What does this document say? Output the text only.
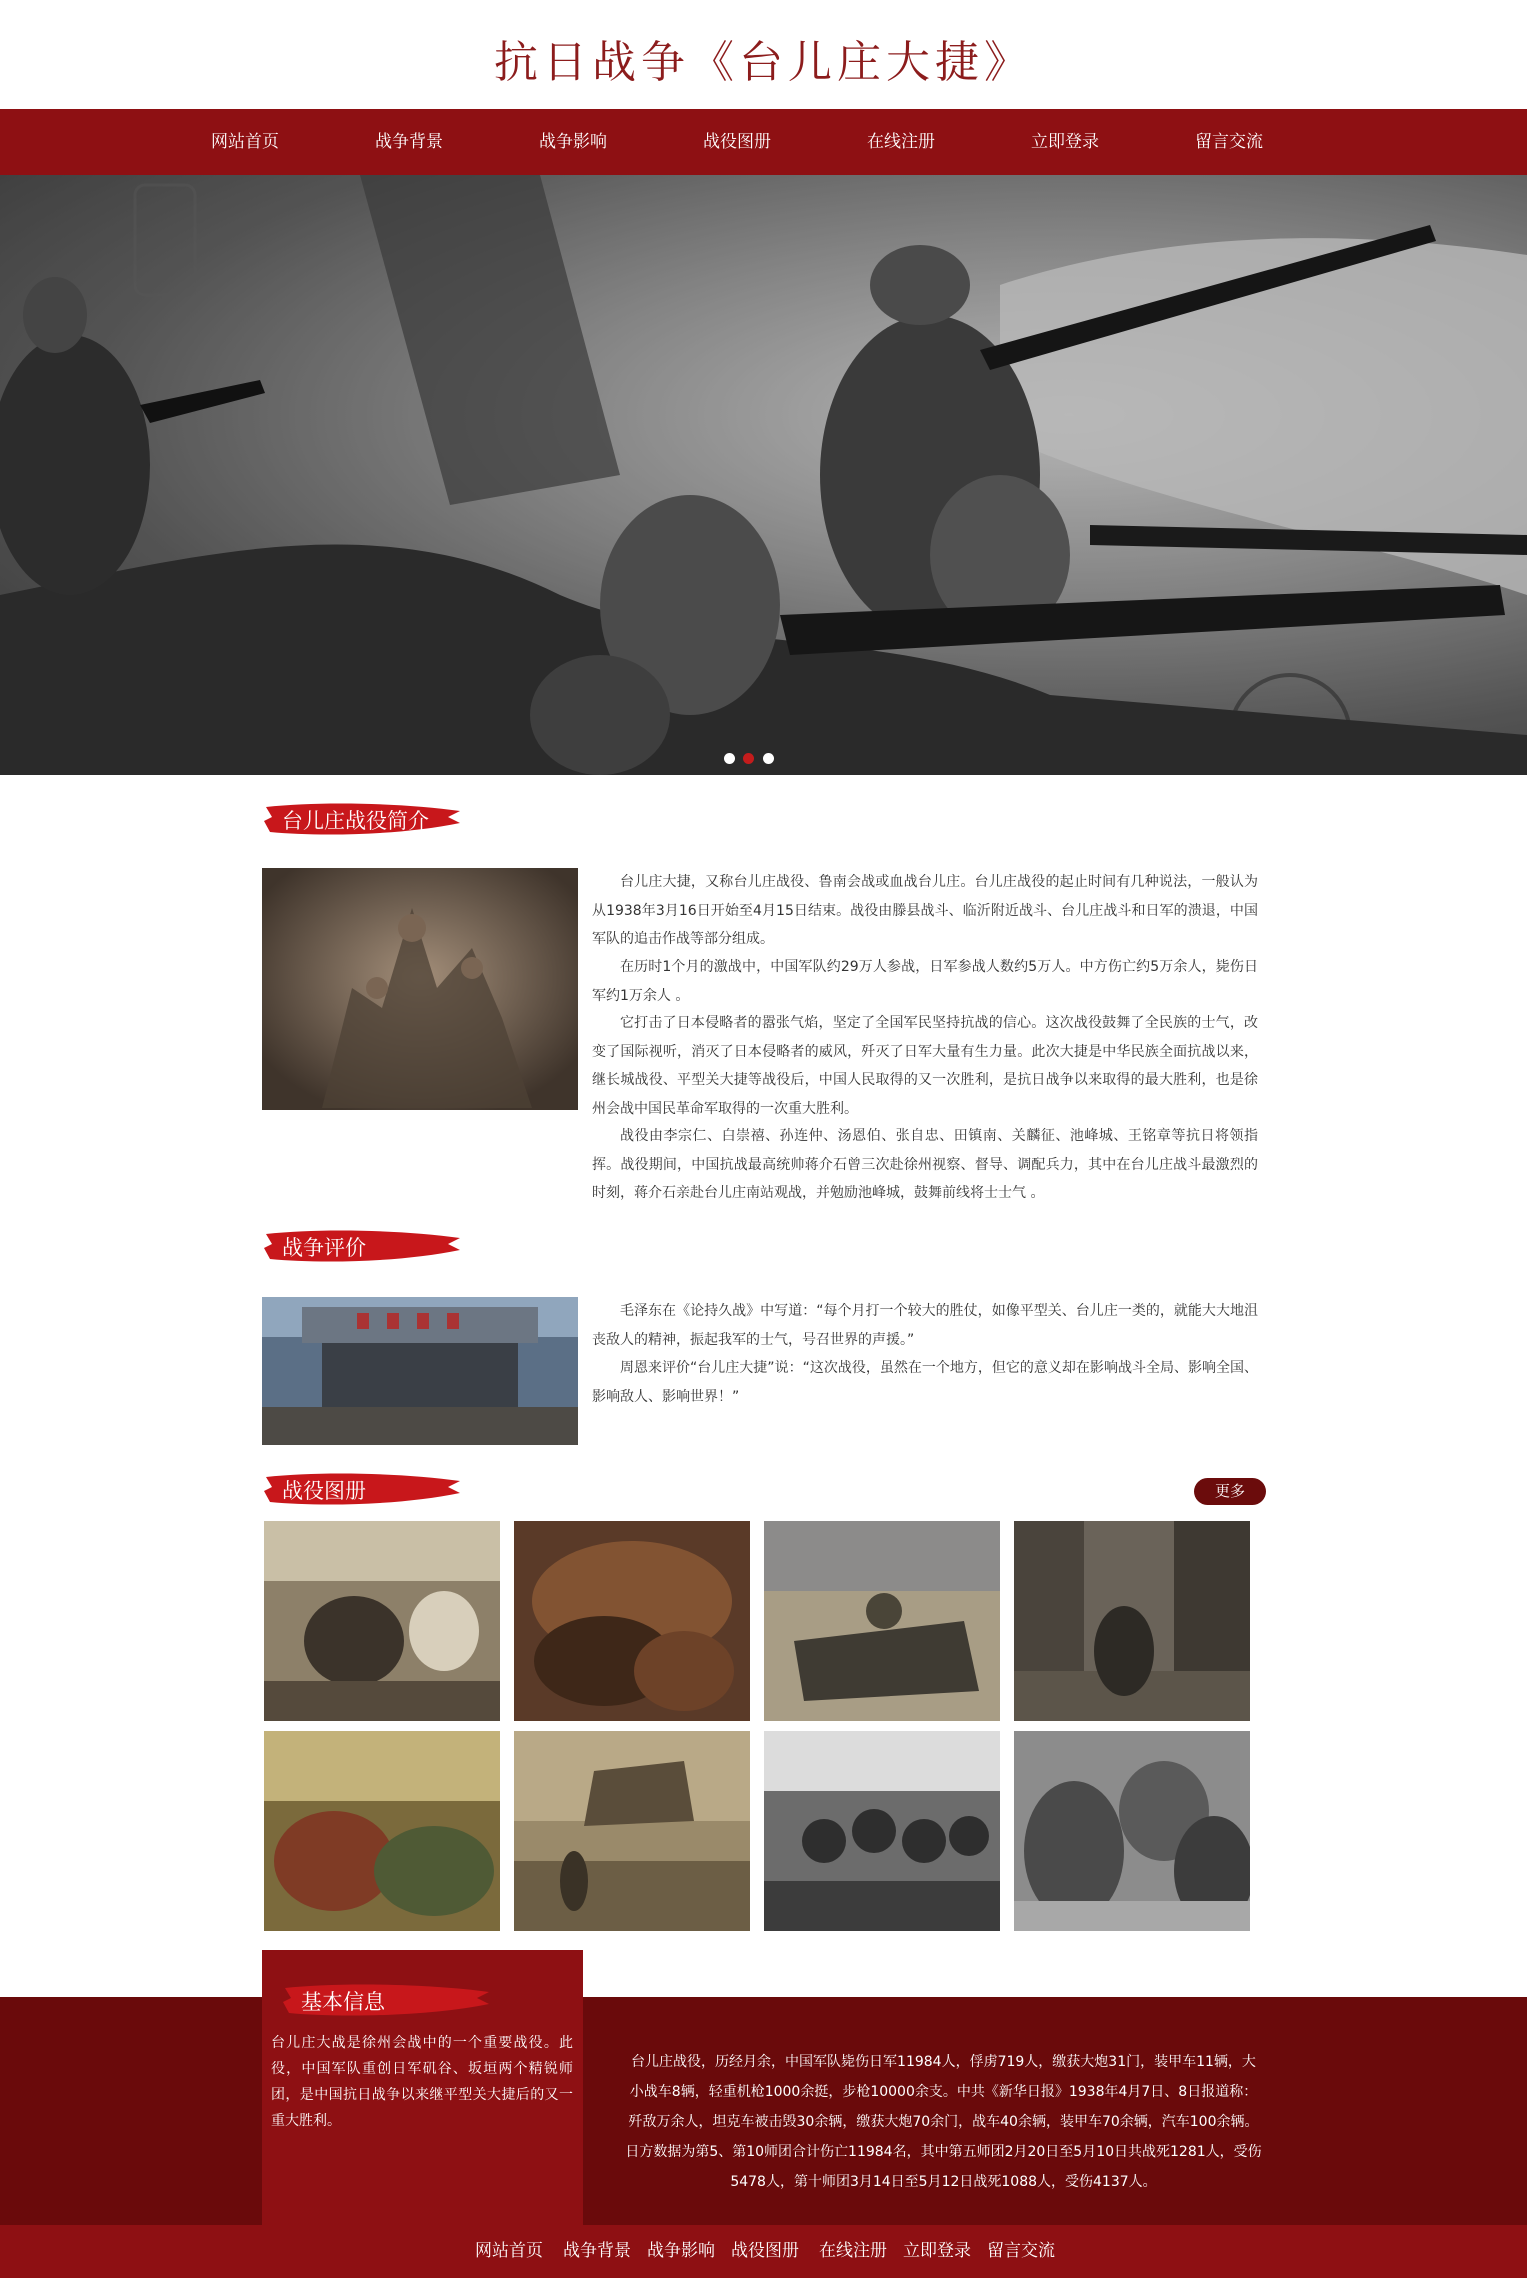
抗日战争《台儿庄大捷》
网站首页	战争背景	战争影响	战役图册	在线注册	立即登录	留言交流
台儿庄战役简介
台儿庄大捷，又称台儿庄战役、鲁南会战或血战台儿庄。台儿庄战役的起止时间有几种说法，一般认为从1938年3月16日开始至4月15日结束。战役由滕县战斗、临沂附近战斗、台儿庄战斗和日军的溃退，中国军队的追击作战等部分组成。
在历时1个月的激战中，中国军队约29万人参战，日军参战人数约5万人。中方伤亡约5万余人，毙伤日军约1万余人 。
它打击了日本侵略者的嚣张气焰，坚定了全国军民坚持抗战的信心。这次战役鼓舞了全民族的士气，改变了国际视听，消灭了日本侵略者的威风，歼灭了日军大量有生力量。此次大捷是中华民族全面抗战以来，继长城战役、平型关大捷等战役后，中国人民取得的又一次胜利，是抗日战争以来取得的最大胜利，也是徐州会战中国民革命军取得的一次重大胜利。
战役由李宗仁、白崇禧、孙连仲、汤恩伯、张自忠、田镇南、关麟征、池峰城、王铭章等抗日将领指挥。战役期间，中国抗战最高统帅蒋介石曾三次赴徐州视察、督导、调配兵力，其中在台儿庄战斗最激烈的时刻，蒋介石亲赴台儿庄南站观战，并勉励池峰城，鼓舞前线将士士气 。
战争评价
毛泽东在《论持久战》中写道：“每个月打一个较大的胜仗，如像平型关、台儿庄一类的，就能大大地沮丧敌人的精神，振起我军的士气，号召世界的声援。”
周恩来评价“台儿庄大捷”说：“这次战役，虽然在一个地方，但它的意义却在影响战斗全局、影响全国、影响敌人、影响世界！”
战役图册	更多
基本信息
台儿庄大战是徐州会战中的一个重要战役。此役，中国军队重创日军矶谷、坂垣两个精锐师团，是中国抗日战争以来继平型关大捷后的又一重大胜利。
台儿庄战役，历经月余，中国军队毙伤日军11984人，俘虏719人，缴获大炮31门，装甲车11辆，大小战车8辆，轻重机枪1000余挺，步枪10000余支。中共《新华日报》1938年4月7日、8日报道称：歼敌万余人，坦克车被击毁30余辆，缴获大炮70余门，战车40余辆，装甲车70余辆，汽车100余辆。日方数据为第5、第10师团合计伤亡11984名，其中第五师团2月20日至5月10日共战死1281人，受伤5478人，第十师团3月14日至5月12日战死1088人，受伤4137人。
网站首页 战争背景 战争影响 战役图册 在线注册 立即登录 留言交流
